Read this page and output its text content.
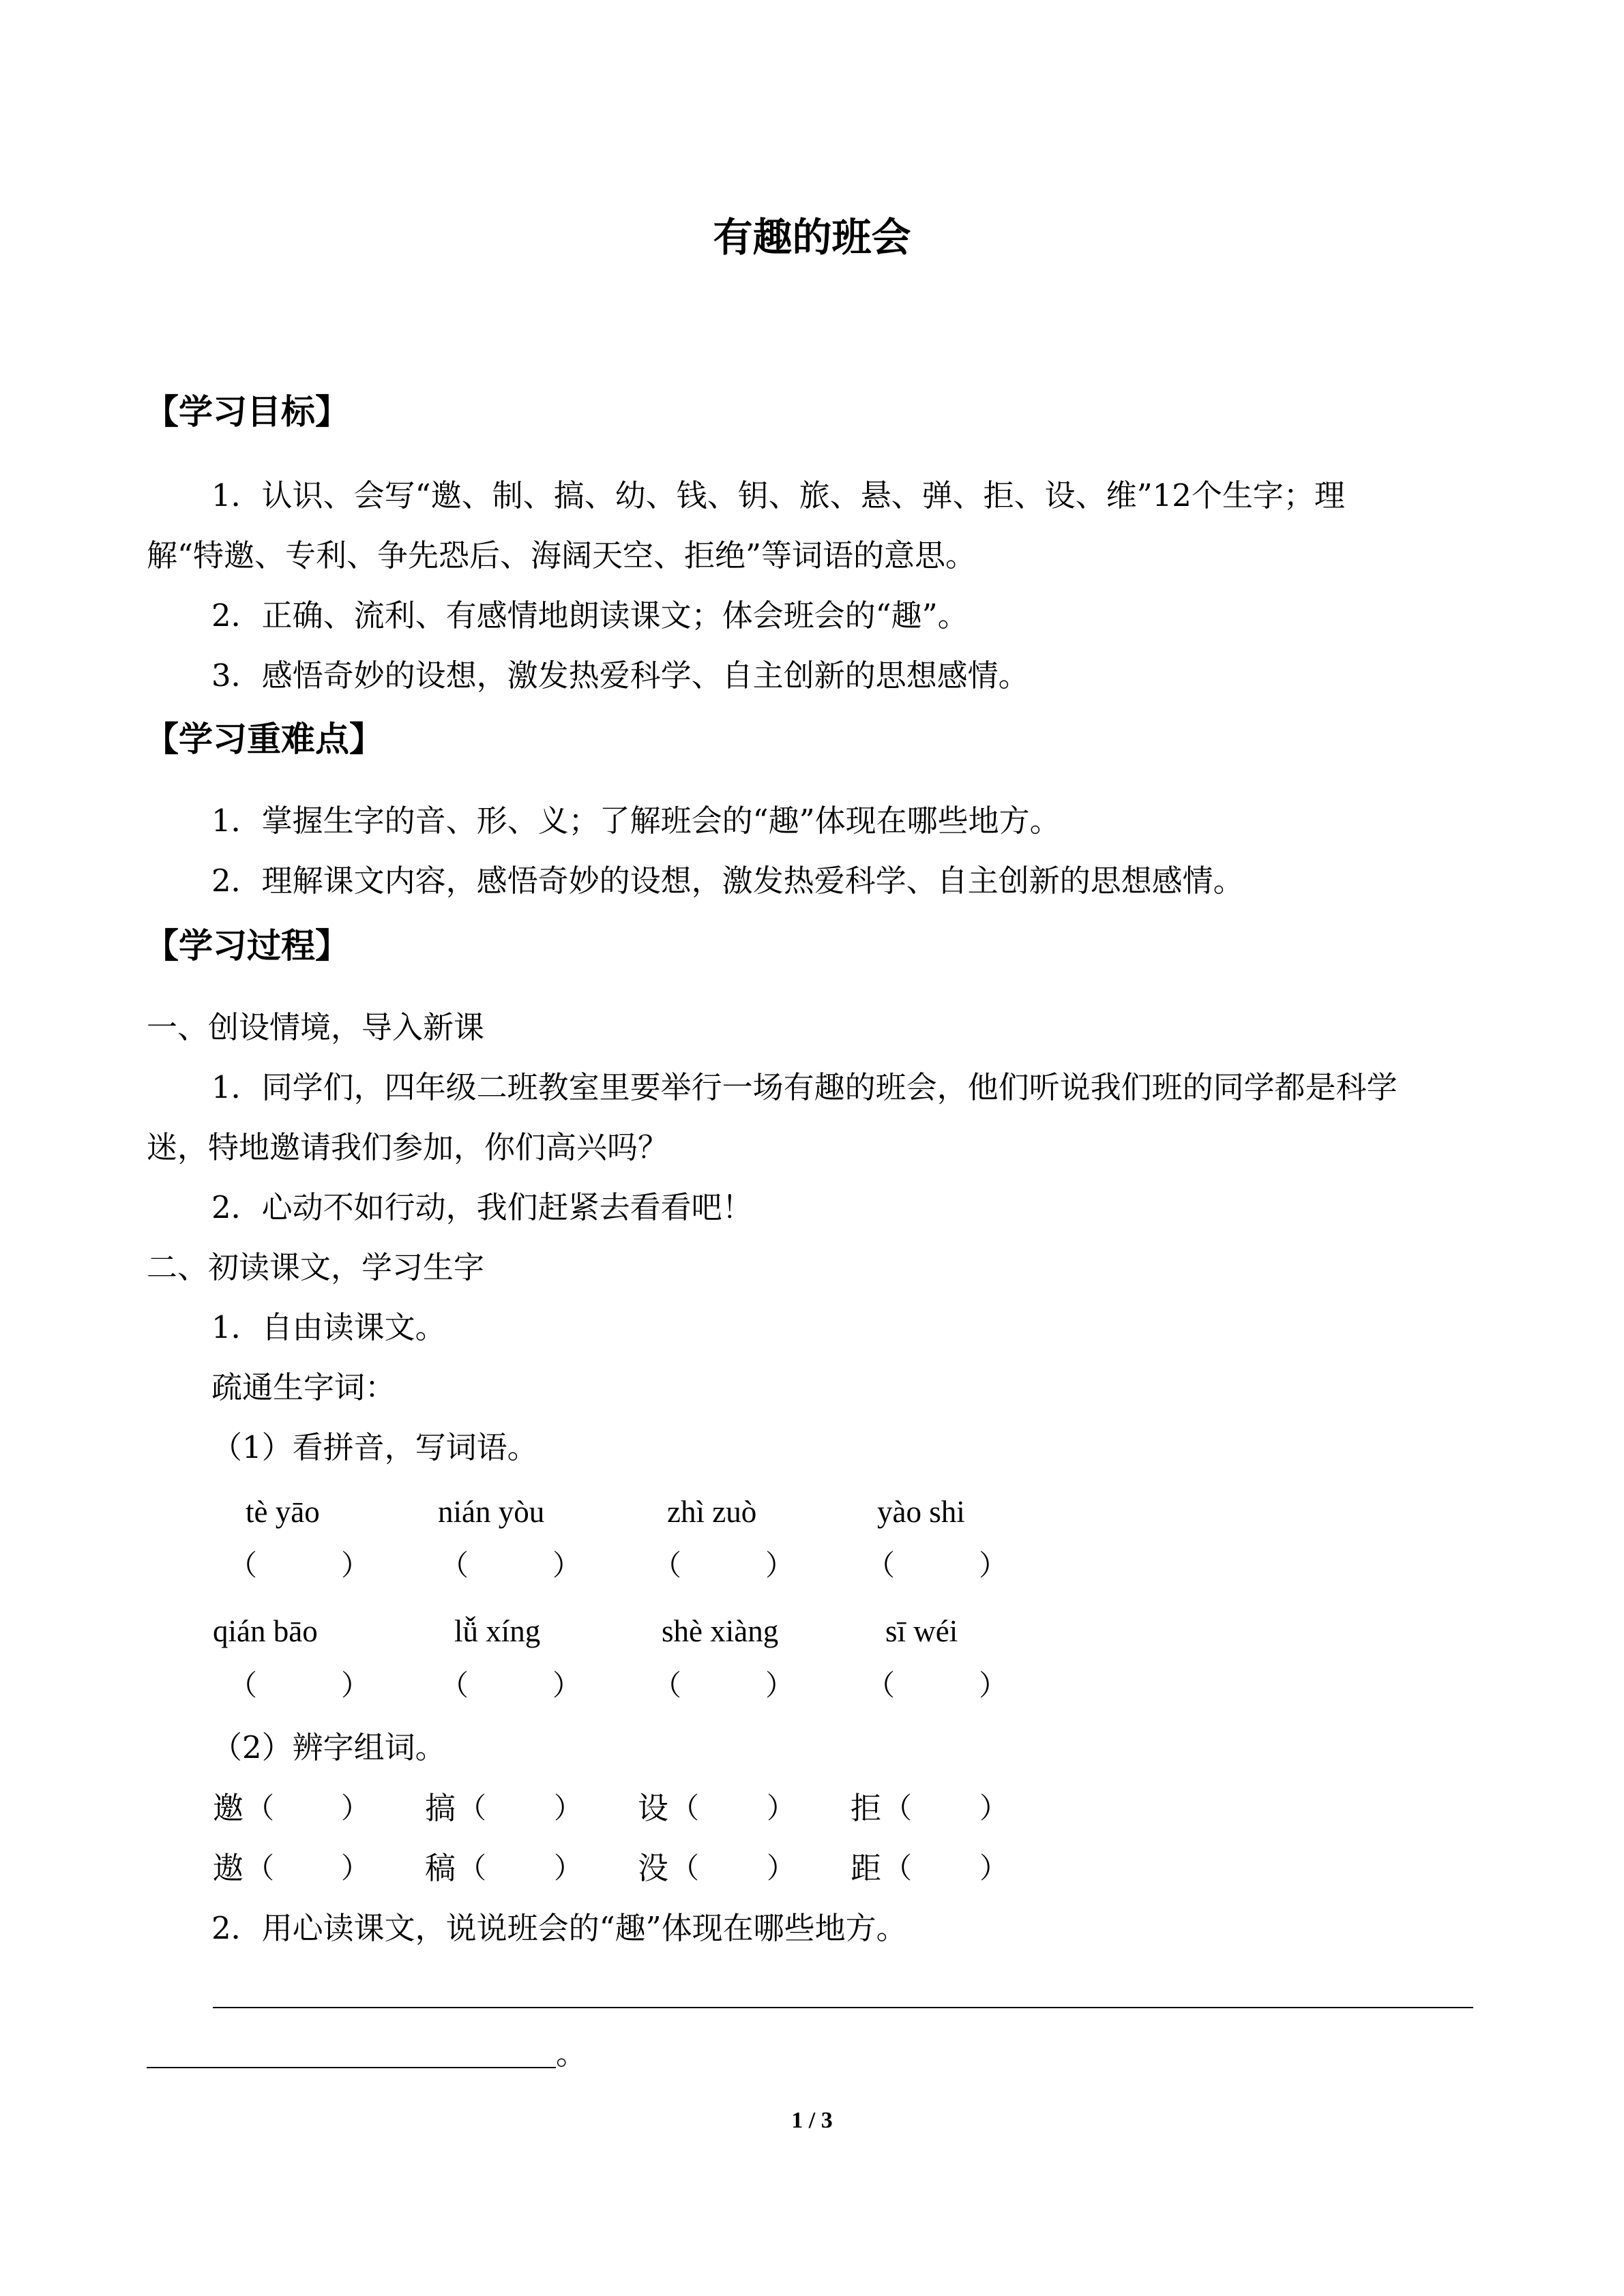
有趣的班会
【学习目标】
1．认识、会写“邀、制、搞、幼、钱、钥、旅、悬、弹、拒、设、维”12个生字；理
解“特邀、专利、争先恐后、海阔天空、拒绝”等词语的意思。
2．正确、流利、有感情地朗读课文；体会班会的“趣”。
3．感悟奇妙的设想，激发热爱科学、自主创新的思想感情。
【学习重难点】
1．掌握生字的音、形、义；了解班会的“趣”体现在哪些地方。
2．理解课文内容，感悟奇妙的设想，激发热爱科学、自主创新的思想感情。
【学习过程】
一、创设情境，导入新课
1．同学们，四年级二班教室里要举行一场有趣的班会，他们听说我们班的同学都是科学
迷，特地邀请我们参加，你们高兴吗？
2．心动不如行动，我们赶紧去看看吧！
二、初读课文，学习生字
1．自由读课文。
疏通生字词：
（1）看拼音，写词语。
tè yāo	nián yòu	zhì zuò	yào shi
（	） （	） （	）	（	）
qián bāo	lǚ xíng	shè xiàng	sī wéi
（	） （	） （	）	（	）
（2）辨字组词。
邀 （ ） 搞 （ ） 设 （ ） 拒 （ ）
遨 （ ） 稿 （ ） 没 （ ） 距 （ ）
2．用心读课文，说说班会的“趣”体现在哪些地方。
。
1 / 3
